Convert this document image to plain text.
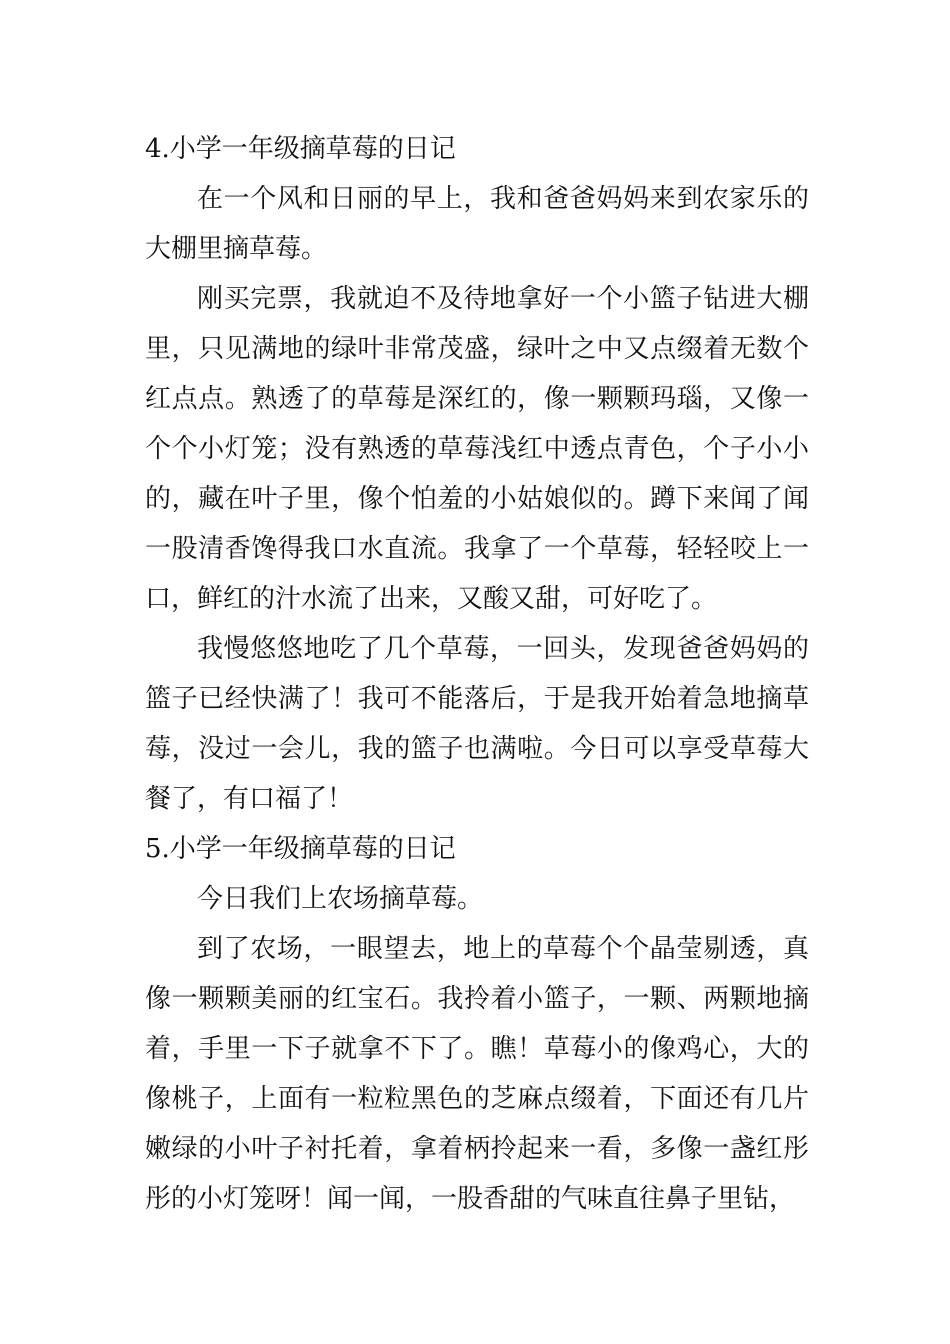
4.小学一年级摘草莓的日记

在一个风和日丽的早上，我和爸爸妈妈来到农家乐的大棚里摘草莓。

刚买完票，我就迫不及待地拿好一个小篮子钻进大棚里，只见满地的绿叶非常茂盛，绿叶之中又点缀着无数个红点点。熟透了的草莓是深红的，像一颗颗玛瑙，又像一个个小灯笼；没有熟透的草莓浅红中透点青色，个子小小的，藏在叶子里，像个怕羞的小姑娘似的。蹲下来闻了闻一股清香馋得我口水直流。我拿了一个草莓，轻轻咬上一口，鲜红的汁水流了出来，又酸又甜，可好吃了。

我慢悠悠地吃了几个草莓，一回头，发现爸爸妈妈的篮子已经快满了！我可不能落后，于是我开始着急地摘草莓，没过一会儿，我的篮子也满啦。今日可以享受草莓大餐了，有口福了！

5.小学一年级摘草莓的日记

今日我们上农场摘草莓。

到了农场，一眼望去，地上的草莓个个晶莹剔透，真像一颗颗美丽的红宝石。我拎着小篮子，一颗、两颗地摘着，手里一下子就拿不下了。瞧！草莓小的像鸡心，大的像桃子，上面有一粒粒黑色的芝麻点缀着，下面还有几片嫩绿的小叶子衬托着，拿着柄拎起来一看，多像一盏红彤彤的小灯笼呀！闻一闻，一股香甜的气味直往鼻子里钻，
